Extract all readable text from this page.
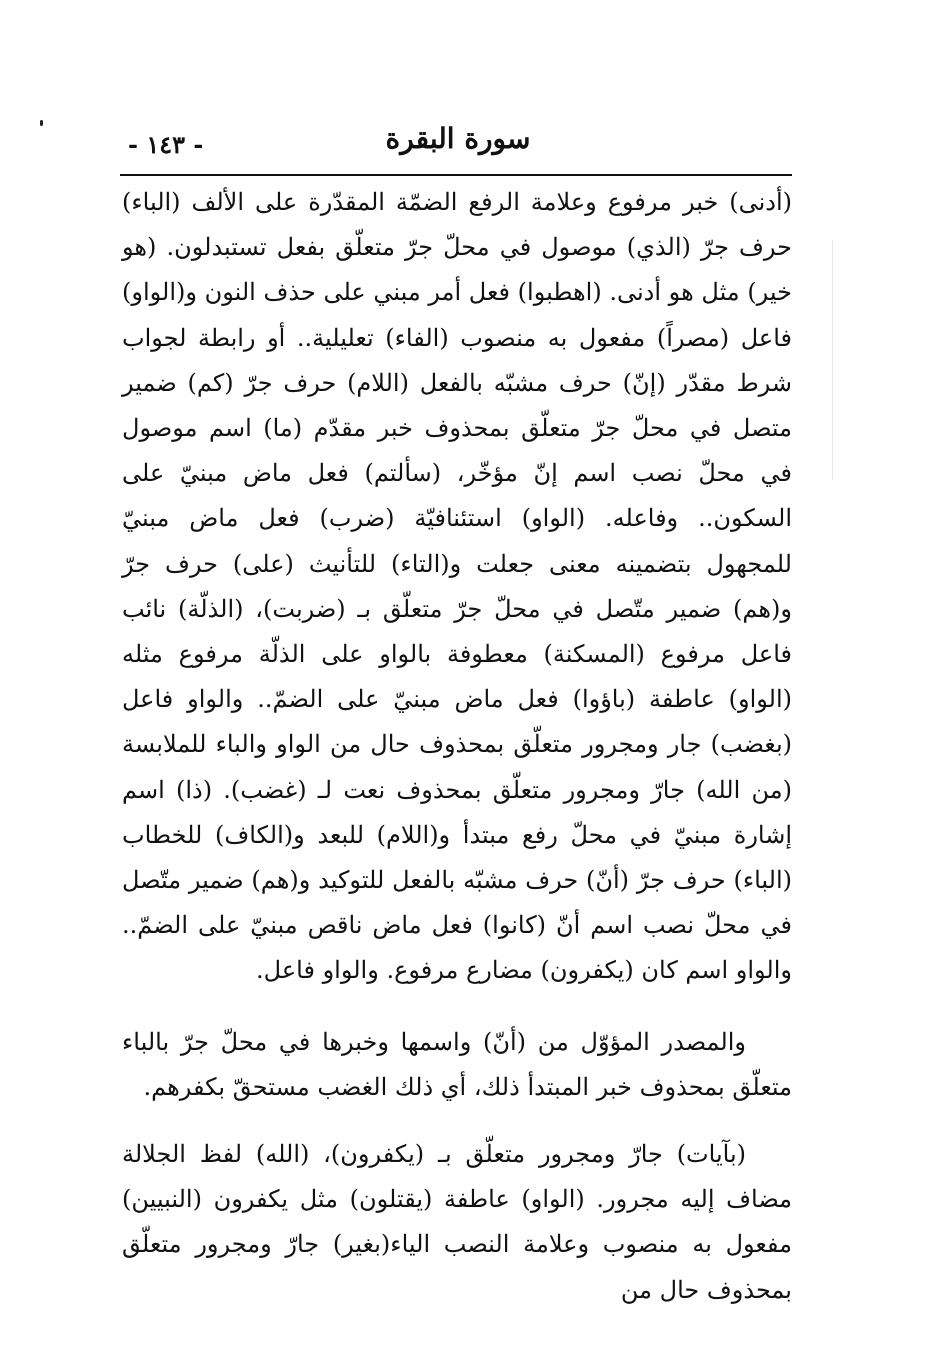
سورة البقرة
- ١٤٣ -

(أدنى) خبر مرفوع وعلامة الرفع الضمّة المقدّرة على الألف (الباء) حرف جرّ (الذي) موصول في محلّ جرّ متعلّق بفعل تستبدلون. (هو خير) مثل هو أدنى. (اهطبوا) فعل أمر مبني على حذف النون و(الواو) فاعل (مصراً) مفعول به منصوب (الفاء) تعليلية.. أو رابطة لجواب شرط مقدّر (إنّ) حرف مشبّه بالفعل (اللام) حرف جرّ (كم) ضمير متصل في محلّ جرّ متعلّق بمحذوف خبر مقدّم (ما) اسم موصول في محلّ نصب اسم إنّ مؤخّر، (سألتم) فعل ماض مبنيّ على السكون.. وفاعله. (الواو) استئنافيّة (ضرب) فعل ماض مبنيّ للمجهول بتضمينه معنى جعلت و(التاء) للتأنيث (على) حرف جرّ و(هم) ضمير متّصل في محلّ جرّ متعلّق بـ (ضربت)، (الذلّة) نائب فاعل مرفوع (المسكنة) معطوفة بالواو على الذلّة مرفوع مثله (الواو) عاطفة (باؤوا) فعل ماض مبنيّ على الضمّ.. والواو فاعل (بغضب) جار ومجرور متعلّق بمحذوف حال من الواو والباء للملابسة (من الله) جارّ ومجرور متعلّق بمحذوف نعت لـ (غضب). (ذا) اسم إشارة مبنيّ في محلّ رفع مبتدأ و(اللام) للبعد و(الكاف) للخطاب (الباء) حرف جرّ (أنّ) حرف مشبّه بالفعل للتوكيد و(هم) ضمير متّصل في محلّ نصب اسم أنّ (كانوا) فعل ماض ناقص مبنيّ على الضمّ.. والواو اسم كان (يكفرون) مضارع مرفوع. والواو فاعل.

والمصدر المؤوّل من (أنّ) واسمها وخبرها في محلّ جرّ بالباء متعلّق بمحذوف خبر المبتدأ ذلك، أي ذلك الغضب مستحقّ بكفرهم.

(بآيات) جارّ ومجرور متعلّق بـ (يكفرون)، (الله) لفظ الجلالة مضاف إليه مجرور. (الواو) عاطفة (يقتلون) مثل يكفرون (النبيين) مفعول به منصوب وعلامة النصب الياء(بغير) جارّ ومجرور متعلّق بمحذوف حال من
